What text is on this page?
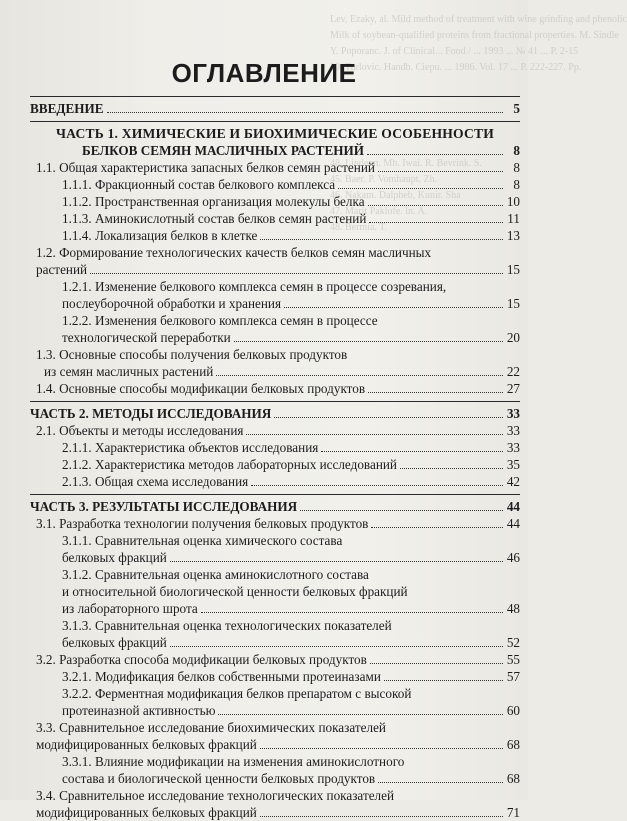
Lev, Ezaky, al. Mild method of treatment with wine grinding and phenolic
Milk of soybean-qualified proteins from fractional properties. M. Sindle
Y. Poporanc. J. of Clinical... Food / ... 1993 ... № 41 ... P. 2-15
10. Turlovic. Handb. Ciepu. ... 1986. Vol. 17 ... P. 222-227. Pp.

48. Lindenn. Mh. Iwai. R. Bevrink. S.
45. Baer. P. Vomhaupt. Zh.
46. Nakam. Dalpheb, Kunir. Sha
47. Marit Paklofe. ln. A.
48. Bermia. T.
ОГЛАВЛЕНИЕ
ВВЕДЕНИЕ	5
ЧАСТЬ 1. ХИМИЧЕСКИЕ И БИОХИМИЧЕСКИЕ ОСОБЕННОСТИ
БЕЛКОВ СЕМЯН МАСЛИЧНЫХ РАСТЕНИЙ	8
1.1. Общая характеристика запасных белков семян растений	8
1.1.1. Фракционный состав белкового комплекса	8
1.1.2. Пространственная организация молекулы белка	10
1.1.3. Аминокислотный состав белков семян растений	11
1.1.4. Локализация белков в клетке	13
1.2. Формирование технологических качеств белков семян масличных
растений	15
1.2.1. Изменение белкового комплекса семян в процессе созревания,
послеуборочной обработки и хранения	15
1.2.2. Изменения белкового комплекса семян в процессе
технологической переработки	20
1.3. Основные способы получения белковых продуктов
из семян масличных растений	22
1.4. Основные способы модификации белковых продуктов	27
ЧАСТЬ 2. МЕТОДЫ ИССЛЕДОВАНИЯ	33
2.1. Объекты и методы исследования	33
2.1.1. Характеристика объектов исследования	33
2.1.2. Характеристика методов лабораторных исследований	35
2.1.3. Общая схема исследования	42
ЧАСТЬ 3. РЕЗУЛЬТАТЫ ИССЛЕДОВАНИЯ	44
3.1. Разработка технологии получения белковых продуктов	44
3.1.1. Сравнительная оценка химического состава
белковых фракций	46
3.1.2. Сравнительная оценка аминокислотного состава
и относительной биологической ценности белковых фракций
из лабораторного шрота	48
3.1.3. Сравнительная оценка технологических показателей
белковых фракций	52
3.2. Разработка способа модификации белковых продуктов	55
3.2.1. Модификация белков собственными протеиназами	57
3.2.2. Ферментная модификация белков препаратом с высокой
протеиназной активностью	60
3.3. Сравнительное исследование биохимических показателей
модифицированных белковых фракций	68
3.3.1. Влияние модификации на изменения аминокислотного
состава и биологической ценности белковых продуктов	68
3.4. Сравнительное исследование технологических показателей
модифицированных белковых фракций	71
